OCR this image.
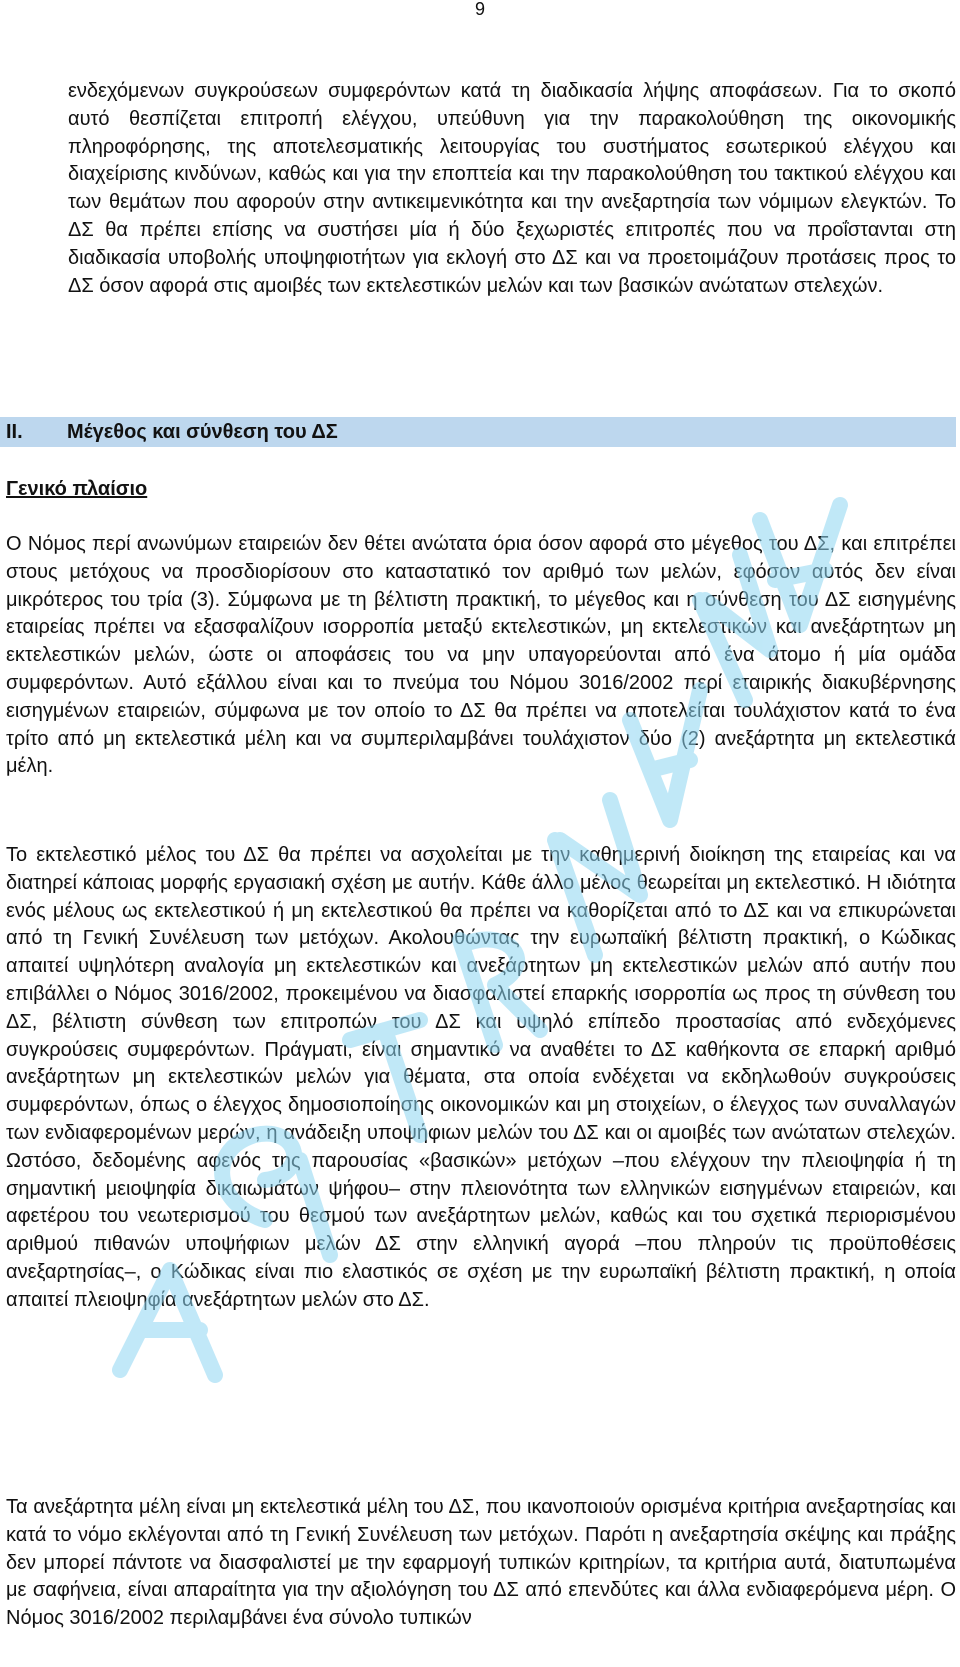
9

ενδεχόμενων συγκρούσεων συμφερόντων κατά τη διαδικασία λήψης αποφάσεων. Για το σκοπό αυτό θεσπίζεται επιτροπή ελέγχου, υπεύθυνη για την παρακολούθηση της οικονομικής πληροφόρησης, της αποτελεσματικής λειτουργίας του συστήματος εσωτερικού ελέγχου και διαχείρισης κινδύνων, καθώς και για την εποπτεία και την παρακολούθηση του τακτικού ελέγχου και των θεμάτων που αφορούν στην αντικειμενικότητα και την ανεξαρτησία των νόμιμων ελεγκτών. Το ΔΣ θα πρέπει επίσης να συστήσει μία ή δύο ξεχωριστές επιτροπές που να προΐστανται στη διαδικασία υποβολής υποψηφιοτήτων για εκλογή στο ΔΣ και να προετοιμάζουν προτάσεις προς το ΔΣ όσον αφορά στις αμοιβές των εκτελεστικών μελών και των βασικών ανώτατων στελεχών.

II. Μέγεθος και σύνθεση του ΔΣ
Γενικό πλαίσιο

Ο Νόμος περί ανωνύμων εταιρειών δεν θέτει ανώτατα όρια όσον αφορά στο μέγεθος του ΔΣ, και επιτρέπει στους μετόχους να προσδιορίσουν στο καταστατικό τον αριθμό των μελών, εφόσον αυτός δεν είναι μικρότερος του τρία (3). Σύμφωνα με τη βέλτιστη πρακτική, το μέγεθος και η σύνθεση του ΔΣ εισηγμένης εταιρείας πρέπει να εξασφαλίζουν ισορροπία μεταξύ εκτελεστικών, μη εκτελεστικών και ανεξάρτητων μη εκτελεστικών μελών, ώστε οι αποφάσεις του να μην υπαγορεύονται από ένα άτομο ή μία ομάδα συμφερόντων. Αυτό εξάλλου είναι και το πνεύμα του Νόμου 3016/2002 περί εταιρικής διακυβέρνησης εισηγμένων εταιρειών, σύμφωνα με τον οποίο το ΔΣ θα πρέπει να αποτελείται τουλάχιστον κατά το ένα τρίτο από μη εκτελεστικά μέλη και να συμπεριλαμβάνει τουλάχιστον δύο (2) ανεξάρτητα μη εκτελεστικά μέλη.

Το εκτελεστικό μέλος του ΔΣ θα πρέπει να ασχολείται με την καθημερινή διοίκηση της εταιρείας και να διατηρεί κάποιας μορφής εργασιακή σχέση με αυτήν. Κάθε άλλο μέλος θεωρείται μη εκτελεστικό. Η ιδιότητα ενός μέλους ως εκτελεστικού ή μη εκτελεστικού θα πρέπει να καθορίζεται από το ΔΣ και να επικυρώνεται από τη Γενική Συνέλευση των μετόχων. Ακολουθώντας την ευρωπαϊκή βέλτιστη πρακτική, ο Κώδικας απαιτεί υψηλότερη αναλογία μη εκτελεστικών και ανεξάρτητων μη εκτελεστικών μελών από αυτήν που επιβάλλει ο Νόμος 3016/2002, προκειμένου να διασφαλιστεί επαρκής ισορροπία ως προς τη σύνθεση του ΔΣ, βέλτιστη σύνθεση των επιτροπών του ΔΣ και υψηλό επίπεδο προστασίας από ενδεχόμενες συγκρούσεις συμφερόντων. Πράγματι, είναι σημαντικό να αναθέτει το ΔΣ καθήκοντα σε επαρκή αριθμό ανεξάρτητων μη εκτελεστικών μελών για θέματα, στα οποία ενδέχεται να εκδηλωθούν συγκρούσεις συμφερόντων, όπως ο έλεγχος δημοσιοποίησης οικονομικών και μη στοιχείων, ο έλεγχος των συναλλαγών των ενδιαφερομένων μερών, η ανάδειξη υποψήφιων μελών του ΔΣ και οι αμοιβές των ανώτατων στελεχών. Ωστόσο, δεδομένης αφενός της παρουσίας «βασικών» μετόχων –που ελέγχουν την πλειοψηφία ή τη σημαντική μειοψηφία δικαιωμάτων ψήφου– στην πλειονότητα των ελληνικών εισηγμένων εταιρειών, και αφετέρου του νεωτερισμού του θεσμού των ανεξάρτητων μελών, καθώς και του σχετικά περιορισμένου αριθμού πιθανών υποψήφιων μελών ΔΣ στην ελληνική αγορά –που πληρούν τις προϋποθέσεις ανεξαρτησίας–, ο Κώδικας είναι πιο ελαστικός σε σχέση με την ευρωπαϊκή βέλτιστη πρακτική, η οποία απαιτεί πλειοψηφία ανεξάρτητων μελών στο ΔΣ.

Τα ανεξάρτητα μέλη είναι μη εκτελεστικά μέλη του ΔΣ, που ικανοποιούν ορισμένα κριτήρια ανεξαρτησίας και κατά το νόμο εκλέγονται από τη Γενική Συνέλευση των μετόχων. Παρότι η ανεξαρτησία σκέψης και πράξης δεν μπορεί πάντοτε να διασφαλιστεί με την εφαρμογή τυπικών κριτηρίων, τα κριτήρια αυτά, διατυπωμένα με σαφήνεια, είναι απαραίτητα για την αξιολόγηση του ΔΣ από επενδύτες και άλλα ενδιαφερόμενα μέρη. Ο Νόμος 3016/2002 περιλαμβάνει ένα σύνολο τυπικών
